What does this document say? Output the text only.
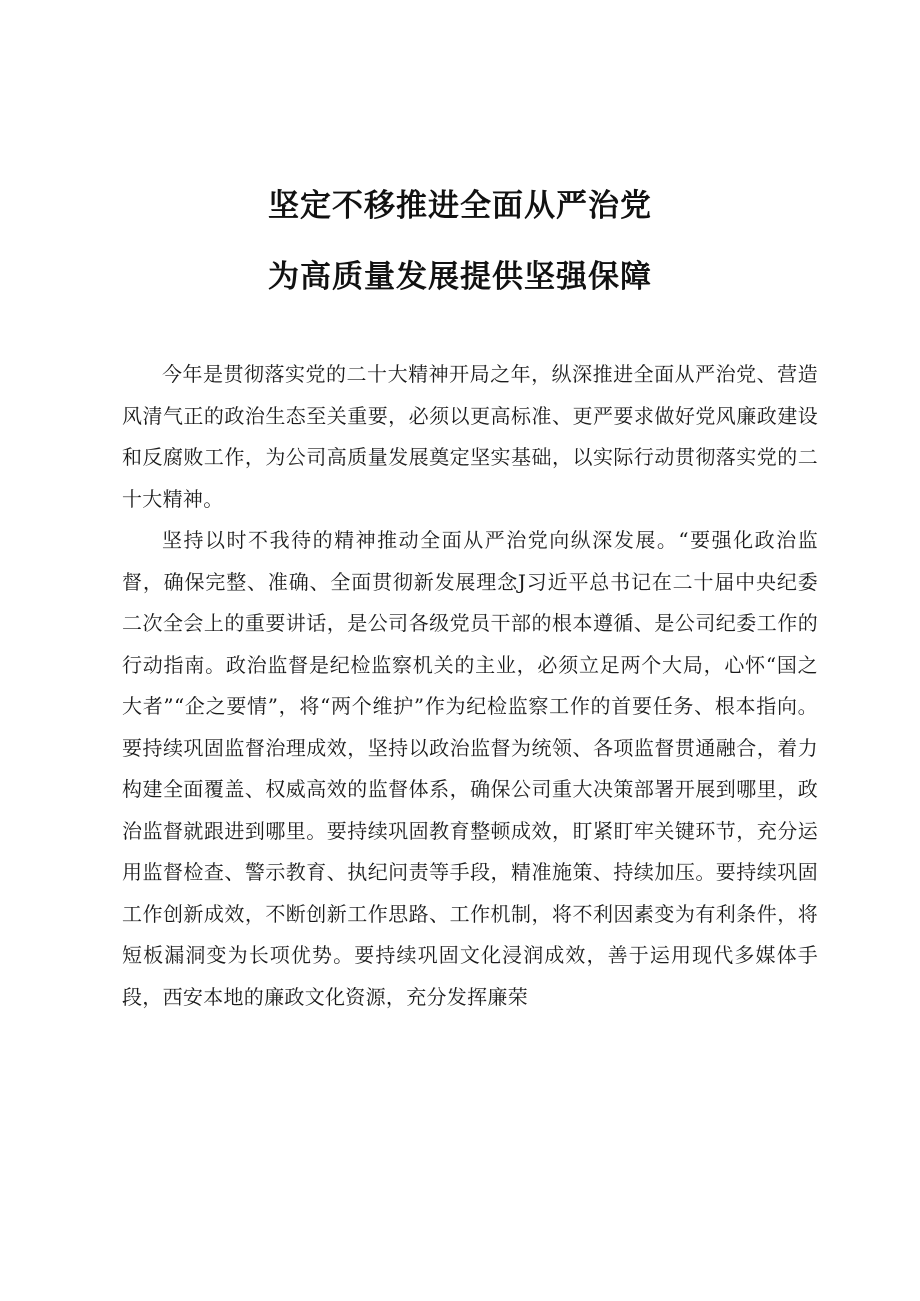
坚定不移推进全面从严治党
为高质量发展提供坚强保障

今年是贯彻落实党的二十大精神开局之年，纵深推进全面从严治党、营造风清气正的政治生态至关重要，必须以更高标准、更严要求做好党风廉政建设和反腐败工作，为公司高质量发展奠定坚实基础，以实际行动贯彻落实党的二十大精神。

坚持以时不我待的精神推动全面从严治党向纵深发展。“要强化政治监督，确保完整、准确、全面贯彻新发展理念J习近平总书记在二十届中央纪委二次全会上的重要讲话，是公司各级党员干部的根本遵循、是公司纪委工作的行动指南。政治监督是纪检监察机关的主业，必须立足两个大局，心怀“国之大者”“企之要情”，将“两个维护”作为纪检监察工作的首要任务、根本指向。要持续巩固监督治理成效，坚持以政治监督为统领、各项监督贯通融合，着力构建全面覆盖、权威高效的监督体系，确保公司重大决策部署开展到哪里，政治监督就跟进到哪里。要持续巩固教育整顿成效，盯紧盯牢关键环节，充分运用监督检查、警示教育、执纪问责等手段，精准施策、持续加压。要持续巩固工作创新成效，不断创新工作思路、工作机制，将不利因素变为有利条件，将短板漏洞变为长项优势。要持续巩固文化浸润成效，善于运用现代多媒体手段，西安本地的廉政文化资源，充分发挥廉荣
